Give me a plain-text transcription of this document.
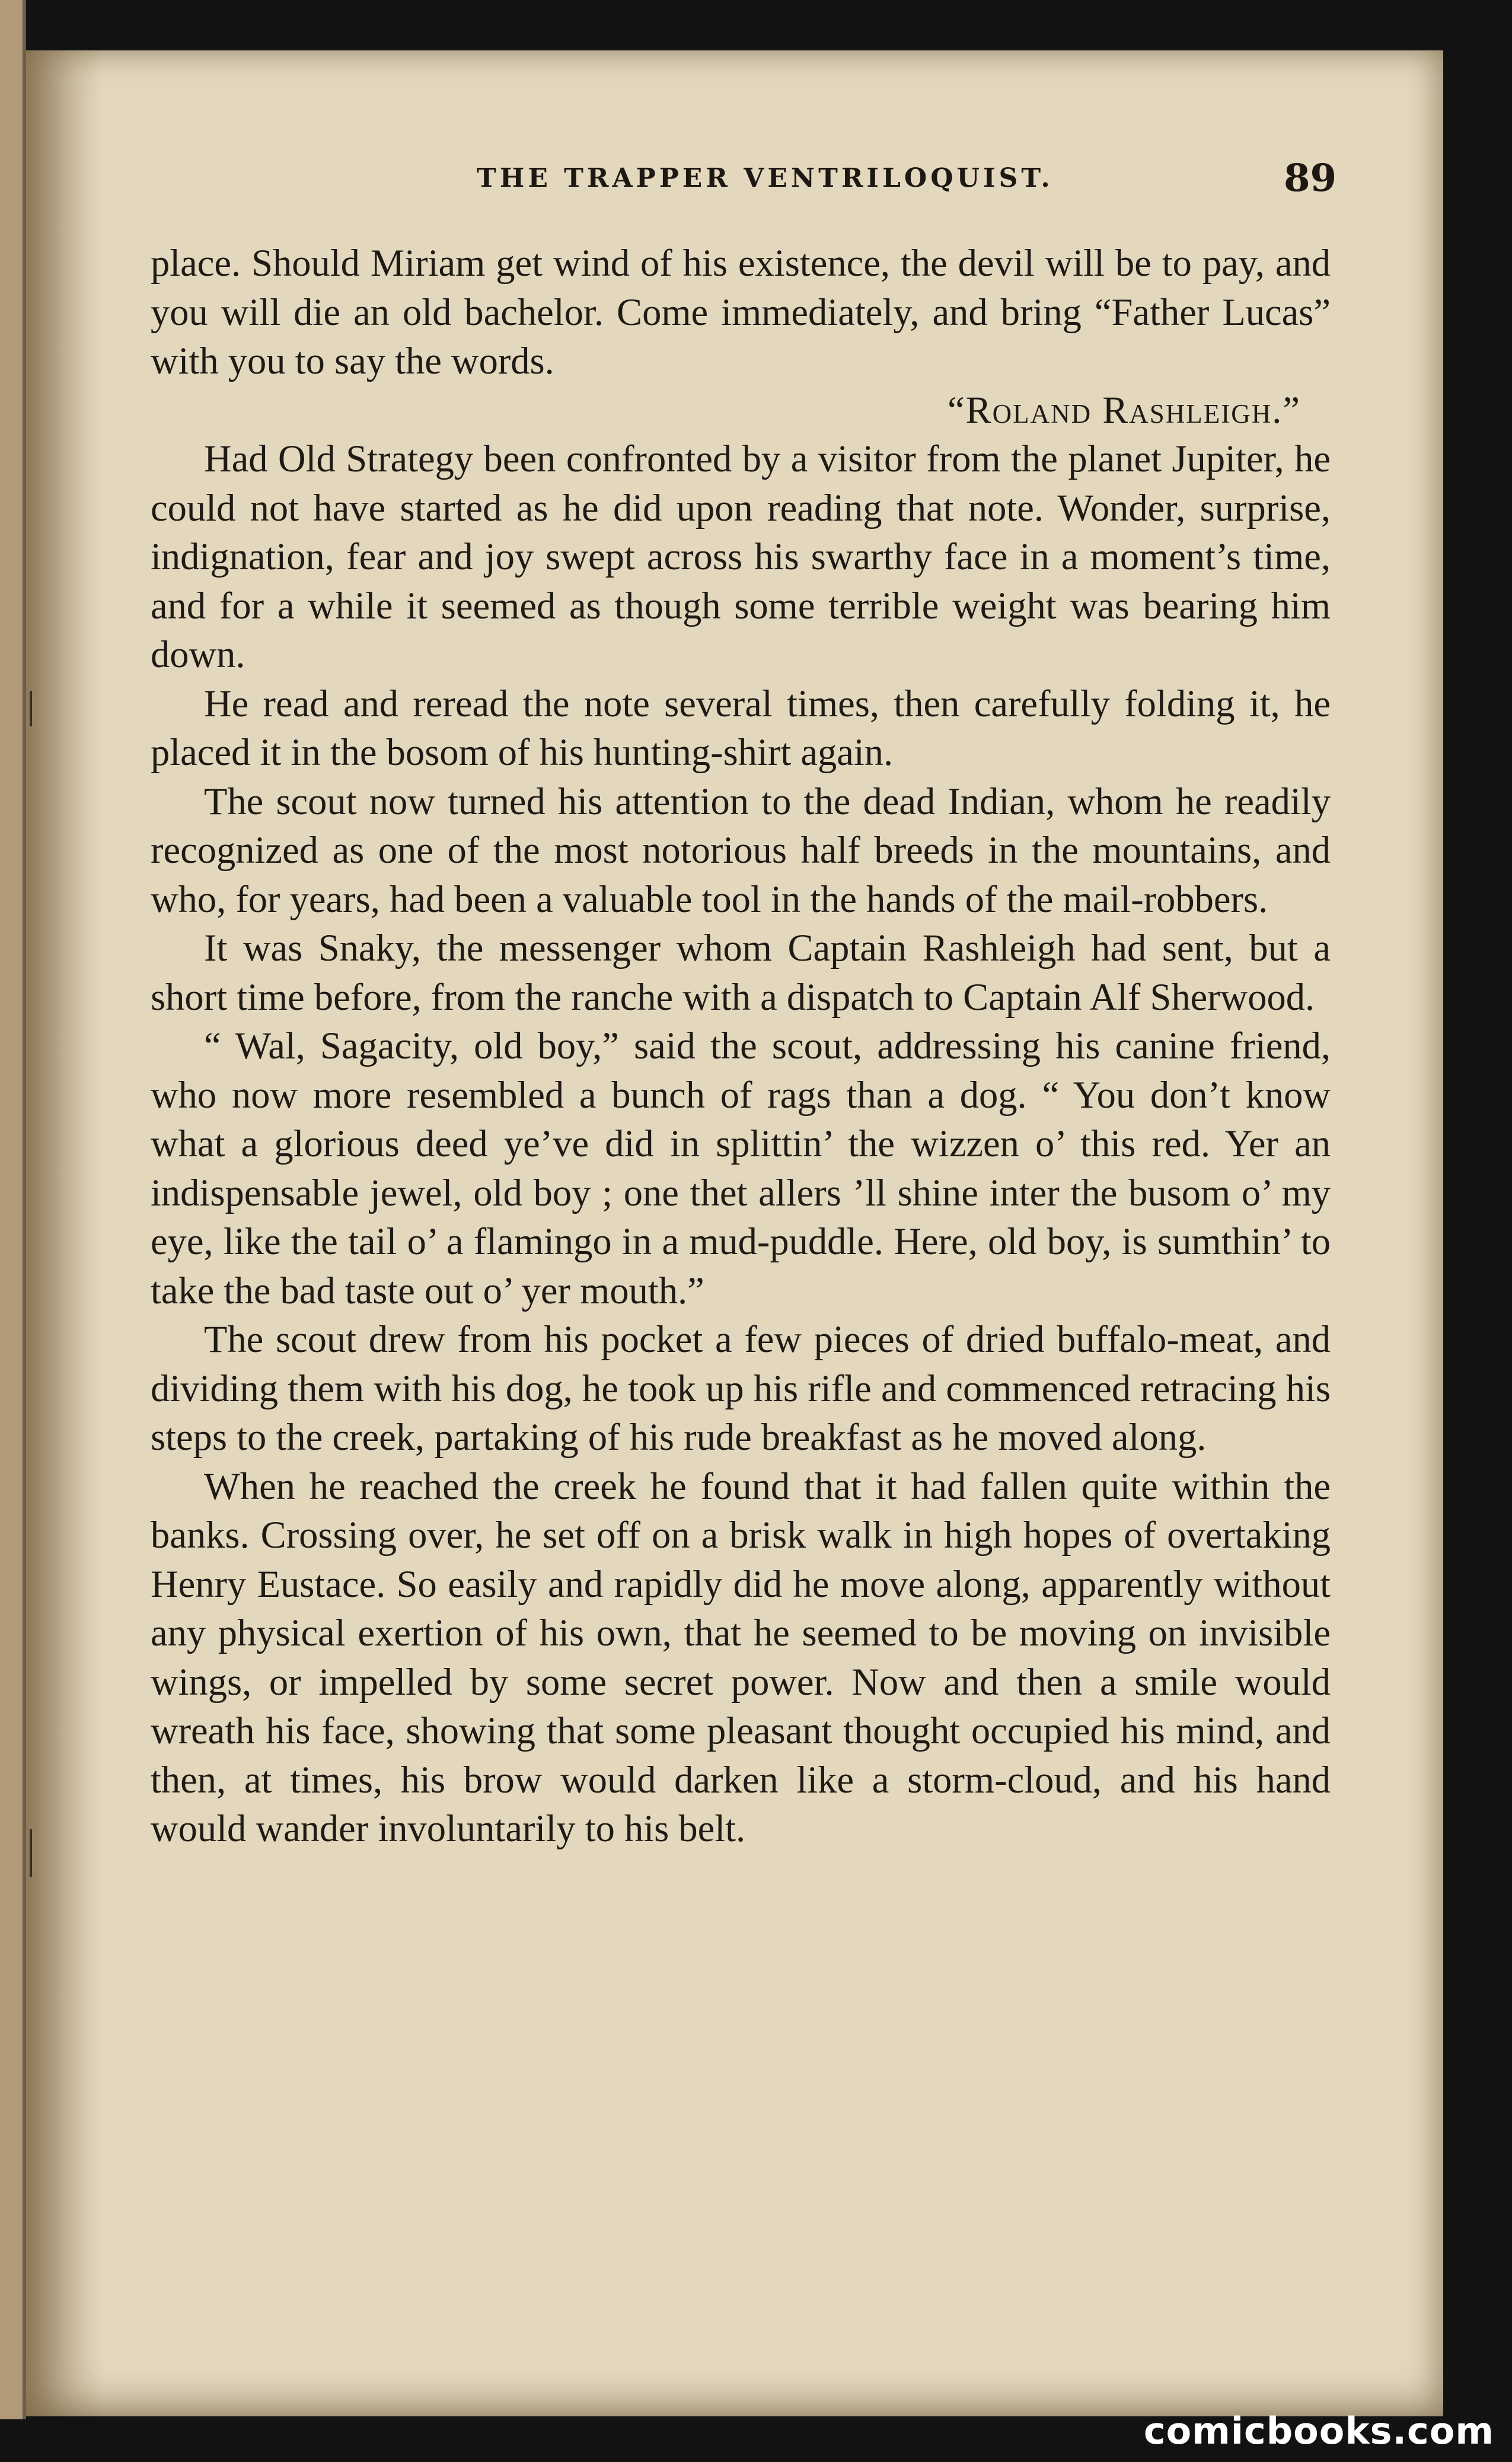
THE TRAPPER VENTRILOQUIST.	89

place. Should Miriam get wind of his existence, the devil will be to pay, and you will die an old bachelor. Come immediately, and bring “Father Lucas” with you to say the words.

“Roland Rashleigh.”

Had Old Strategy been confronted by a visitor from the planet Jupiter, he could not have started as he did upon reading that note. Wonder, surprise, indignation, fear and joy swept across his swarthy face in a moment’s time, and for a while it seemed as though some terrible weight was bearing him down.

He read and reread the note several times, then carefully folding it, he placed it in the bosom of his hunting-shirt again.

The scout now turned his attention to the dead Indian, whom he readily recognized as one of the most notorious half breeds in the mountains, and who, for years, had been a valuable tool in the hands of the mail-robbers.

It was Snaky, the messenger whom Captain Rashleigh had sent, but a short time before, from the ranche with a dispatch to Captain Alf Sherwood.

“ Wal, Sagacity, old boy,” said the scout, addressing his canine friend, who now more resembled a bunch of rags than a dog. “ You don’t know what a glorious deed ye’ve did in splittin’ the wizzen o’ this red. Yer an indispensable jewel, old boy ; one thet allers ’ll shine inter the busom o’ my eye, like the tail o’ a flamingo in a mud-puddle. Here, old boy, is sumthin’ to take the bad taste out o’ yer mouth.”

The scout drew from his pocket a few pieces of dried buffalo-meat, and dividing them with his dog, he took up his rifle and commenced retracing his steps to the creek, partaking of his rude breakfast as he moved along.

When he reached the creek he found that it had fallen quite within the banks. Crossing over, he set off on a brisk walk in high hopes of overtaking Henry Eustace. So easily and rapidly did he move along, apparently without any physical exertion of his own, that he seemed to be moving on invisible wings, or impelled by some secret power. Now and then a smile would wreath his face, showing that some pleasant thought occupied his mind, and then, at times, his brow would darken like a storm-cloud, and his hand would wander involuntarily to his belt.

comicbooks.com
